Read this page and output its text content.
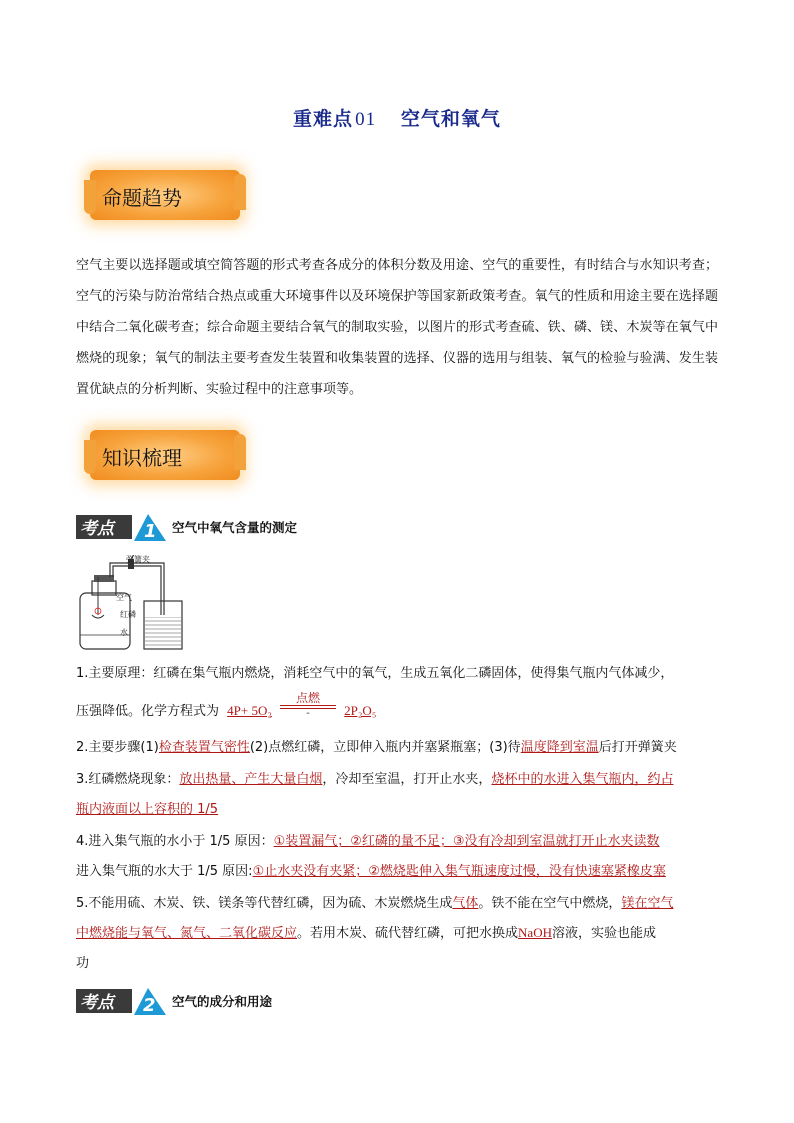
重难点 01 空气和氧气
命题趋势
空气主要以选择题或填空简答题的形式考查各成分的体积分数及用途、空气的重要性，有时结合与水知识考查；空气的污染与防治常结合热点或重大环境事件以及环境保护等国家新政策考查。氧气的性质和用途主要在选择题中结合二氧化碳考查；综合命题主要结合氧气的制取实验，以图片的形式考查硫、铁、磷、镁、木炭等在氧气中燃烧的现象；氧气的制法主要考查发生装置和收集装置的选择、仪器的选用与组装、氧气的检验与验满、发生装置优缺点的分析判断、实验过程中的注意事项等。
知识梳理
考点 1 空气中氧气含量的测定
弹簧夹
空气
红磷
水
1.主要原理：红磷在集气瓶内燃烧，消耗空气中的氧气，生成五氧化二磷固体，使得集气瓶内气体减少，
压强降低。化学方程式为 4P+ 5O₂
点燃
-	2P₂O₅
2.主要步骤(1)检查装置气密性(2)点燃红磷，立即伸入瓶内并塞紧瓶塞；(3)待温度降到室温后打开弹簧夹
3.红磷燃烧现象：放出热量、产生大量白烟，冷却至室温，打开止水夹，烧杯中的水进入集气瓶内，约占
瓶内液面以上容积的 1/5
4.进入集气瓶的水小于 1/5 原因：①装置漏气；②红磷的量不足；③没有冷却到室温就打开止水夹读数
进入集气瓶的水大于 1/5 原因:①止水夹没有夹紧；②燃烧匙伸入集气瓶速度过慢，没有快速塞紧橡皮塞
5.不能用硫、木炭、铁、镁条等代替红磷，因为硫、木炭燃烧生成气体。铁不能在空气中燃烧，镁在空气
中燃烧能与氧气、氮气、二氧化碳反应。若用木炭、硫代替红磷，可把水换成NaOH溶液，实验也能成
功
考点 2 空气的成分和用途
